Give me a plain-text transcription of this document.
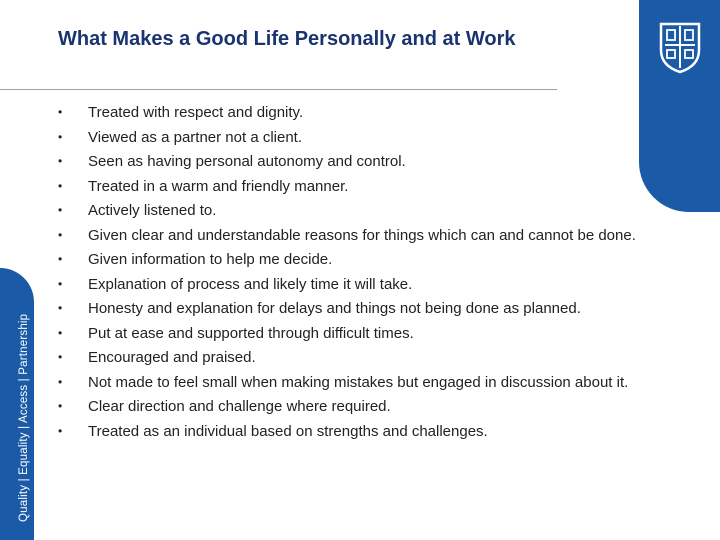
Quality | Equality | Access | Partnership
What Makes a Good Life Personally and at Work
•	Treated with respect and dignity.
•	Viewed as a partner not a client.
•	Seen as having personal autonomy and control.
•	Treated in a warm and friendly manner.
•	Actively listened to.
•	Given clear and understandable reasons for things which can and cannot be done.
•	Given information to help me decide.
•	Explanation of process and likely time it will take.
•	Honesty and explanation for delays and things not being done as planned.
•	Put at ease and supported through difficult times.
•	Encouraged and praised.
•	Not made to feel small when making mistakes but engaged in discussion about it.
•	Clear direction and challenge where required.
•	Treated as an individual based on strengths and challenges.
